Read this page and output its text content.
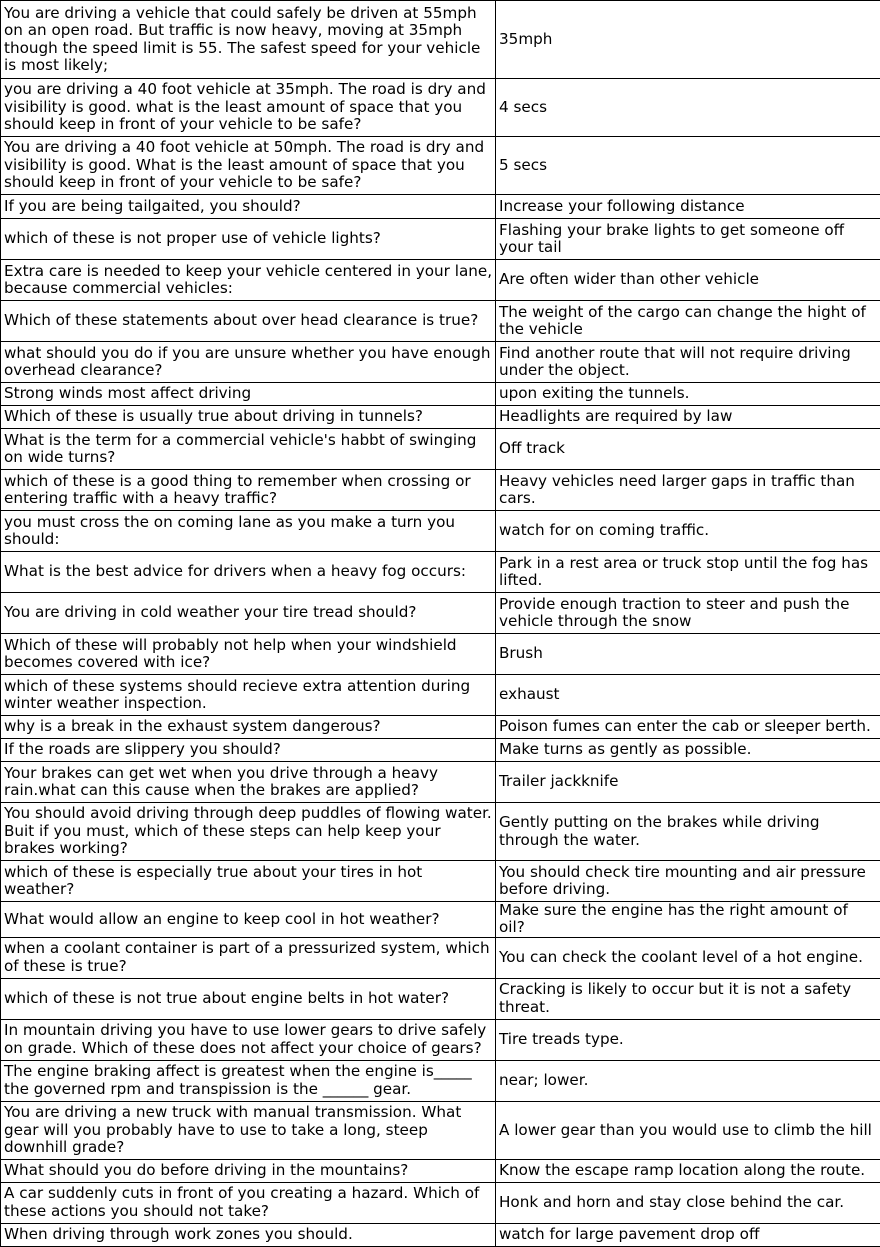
You are driving a vehicle that could safely be driven at 55mph on an open road. But traffic is now heavy, moving at 35mph though the speed limit is 55. The safest speed for your vehicle is most likely;	35mph
you are driving a 40 foot vehicle at 35mph. The road is dry and visibility is good. what is the least amount of space that you should keep in front of your vehicle to be safe?	4 secs
You are driving a 40 foot vehicle at 50mph. The road is dry and visibility is good. What is the least amount of space that you should keep in front of your vehicle to be safe?	5 secs
If you are being tailgaited, you should?	Increase your following distance
which of these is not proper use of vehicle lights?	Flashing your brake lights to get someone off your tail
Extra care is needed to keep your vehicle centered in your lane, because commercial vehicles:	Are often wider than other vehicle
Which of these statements about over head clearance is true?	The weight of the cargo can change the hight of the vehicle
what should you do if you are unsure whether you have enough overhead clearance?	Find another route that will not require driving under the object.
Strong winds most affect driving	upon exiting the tunnels.
Which of these is usually true about driving in tunnels?	Headlights are required by law
What is the term for a commercial vehicle's habbt of swinging on wide turns?	Off track
which of these is a good thing to remember when crossing or entering traffic with a heavy traffic?	Heavy vehicles need larger gaps in traffic than cars.
you must cross the on coming lane as you make a turn you should:	watch for on coming traffic.
What is the best advice for drivers when a heavy fog occurs:	Park in a rest area or truck stop until the fog has lifted.
You are driving in cold weather your tire tread should?	Provide enough traction to steer and push the vehicle through the snow
Which of these will probably not help when your windshield becomes covered with ice?	Brush
which of these systems should recieve extra attention during winter weather inspection.	exhaust
why is a break in the exhaust system dangerous?	Poison fumes can enter the cab or sleeper berth.
If the roads are slippery you should?	Make turns as gently as possible.
Your brakes can get wet when you drive through a heavy rain.what can this cause when the brakes are applied?	Trailer jackknife
You should avoid driving through deep puddles of flowing water. Buit if you must, which of these steps can help keep your brakes working?	Gently putting on the brakes while driving through the water.
which of these is especially true about your tires in hot weather?	You should check tire mounting and air pressure before driving.
What would allow an engine to keep cool in hot weather?	Make sure the engine has the right amount of oil?
when a coolant container is part of a pressurized system, which of these is true?	You can check the coolant level of a hot engine.
which of these is not true about engine belts in hot water?	Cracking is likely to occur but it is not a safety threat.
In mountain driving you have to use lower gears to drive safely on grade. Which of these does not affect your choice of gears?	Tire treads type.
The engine braking affect is greatest when the engine is_____ the governed rpm and transpission is the ______ gear.	near; lower.
You are driving a new truck with manual transmission. What gear will you probably have to use to take a long, steep downhill grade?	A lower gear than you would use to climb the hill
What should you do before driving in the mountains?	Know the escape ramp location along the route.
A car suddenly cuts in front of you creating a hazard. Which of these actions you should not take?	Honk and horn and stay close behind the car.
When driving through work zones you should.	watch for large pavement drop off
